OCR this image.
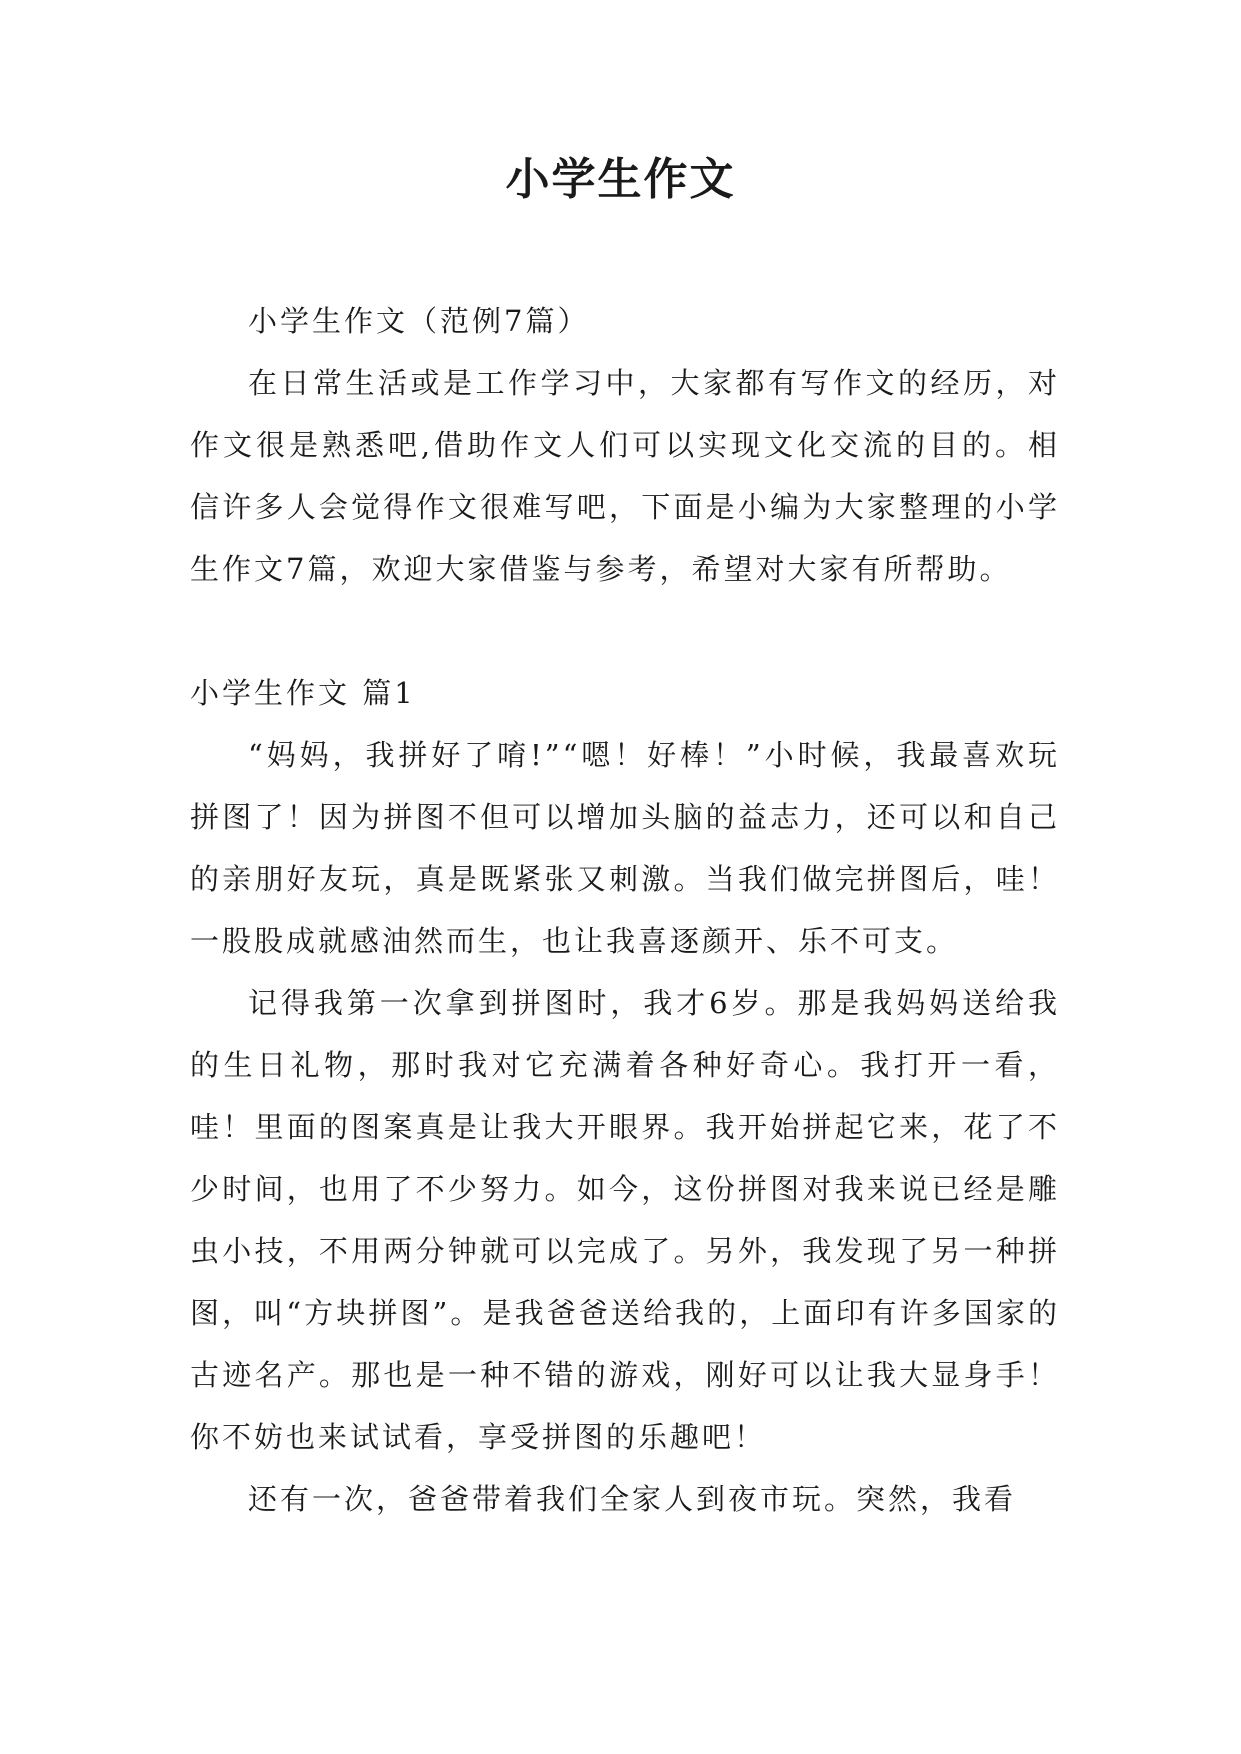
小学生作文

小学生作文（范例7篇）

在日常生活或是工作学习中，大家都有写作文的经历，对作文很是熟悉吧,借助作文人们可以实现文化交流的目的。相信许多人会觉得作文很难写吧，下面是小编为大家整理的小学生作文7篇，欢迎大家借鉴与参考，希望对大家有所帮助。

小学生作文 篇1

“妈妈，我拼好了唷!”“嗯！好棒！”小时候，我最喜欢玩拼图了！因为拼图不但可以增加头脑的益志力，还可以和自己的亲朋好友玩，真是既紧张又刺激。当我们做完拼图后，哇！一股股成就感油然而生，也让我喜逐颜开、乐不可支。

记得我第一次拿到拼图时，我才6岁。那是我妈妈送给我的生日礼物，那时我对它充满着各种好奇心。我打开一看，哇！里面的图案真是让我大开眼界。我开始拼起它来，花了不少时间，也用了不少努力。如今，这份拼图对我来说已经是雕虫小技，不用两分钟就可以完成了。另外，我发现了另一种拼图，叫“方块拼图”。是我爸爸送给我的，上面印有许多国家的古迹名产。那也是一种不错的游戏，刚好可以让我大显身手！你不妨也来试试看，享受拼图的乐趣吧！

还有一次，爸爸带着我们全家人到夜市玩。突然，我看
